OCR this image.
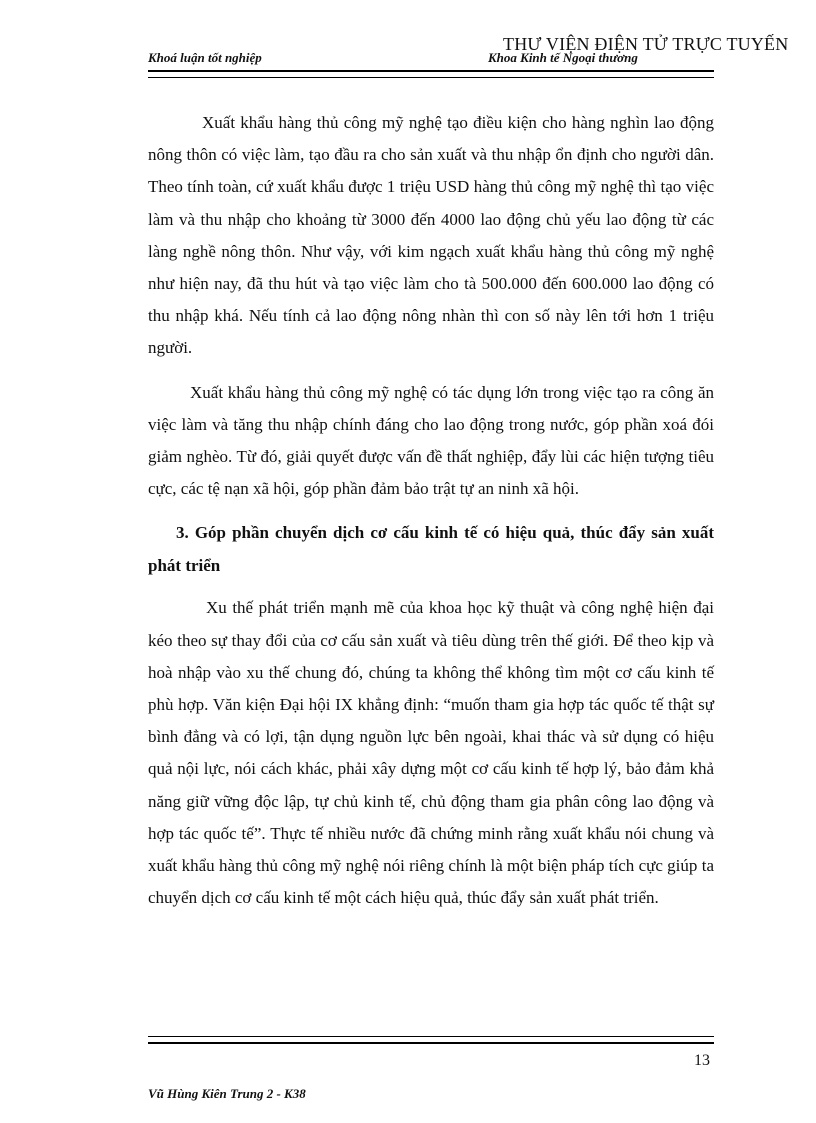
Khoá luận tốt nghiệp	Khoa Kinh tế Ngoại thương
THƯ VIỆN ĐIỆN TỬ TRỰC TUYẾN

Xuất khẩu hàng thủ công mỹ nghệ tạo điều kiện cho hàng nghìn lao động nông thôn có việc làm, tạo đầu ra cho sản xuất và thu nhập ổn định cho người dân. Theo tính toàn, cứ xuất khẩu được 1 triệu USD hàng thủ công mỹ nghệ thì tạo việc làm và thu nhập cho khoảng từ 3000 đến 4000 lao động chủ yếu lao động từ các làng nghề nông thôn. Như vậy, với kim ngạch xuất khẩu hàng thủ công mỹ nghệ như hiện nay, đã thu hút và tạo việc làm cho tà 500.000 đến 600.000 lao động có thu nhập khá. Nếu tính cả lao động nông nhàn thì con số này lên tới hơn 1 triệu người.

Xuất khẩu hàng thủ công mỹ nghệ có tác dụng lớn trong việc tạo ra công ăn việc làm và tăng thu nhập chính đáng cho lao động trong nước, góp phần xoá đói giảm nghèo. Từ đó, giải quyết được vấn đề thất nghiệp, đẩy lùi các hiện tượng tiêu cực, các tệ nạn xã hội, góp phần đảm bảo trật tự an ninh xã hội.

3. Góp phần chuyển dịch cơ cấu kinh tế có hiệu quả, thúc đẩy sản xuất phát triển

Xu thế phát triển mạnh mẽ của khoa học kỹ thuật và công nghệ hiện đại kéo theo sự thay đổi của cơ cấu sản xuất và tiêu dùng trên thế giới. Để theo kịp và hoà nhập vào xu thế chung đó, chúng ta không thể không tìm một cơ cấu kinh tế phù hợp. Văn kiện Đại hội IX khẳng định: “muốn tham gia hợp tác quốc tế thật sự bình đẳng và có lợi, tận dụng nguồn lực bên ngoài, khai thác và sử dụng có hiệu quả nội lực, nói cách khác, phải xây dựng một cơ cấu kinh tế hợp lý, bảo đảm khả năng giữ vững độc lập, tự chủ kinh tế, chủ động tham gia phân công lao động và hợp tác quốc tế”. Thực tế nhiều nước đã chứng minh rằng xuất khẩu nói chung và xuất khẩu hàng thủ công mỹ nghệ nói riêng chính là một biện pháp tích cực giúp ta chuyển dịch cơ cấu kinh tế một cách hiệu quả, thúc đẩy sản xuất phát triển.

13
Vũ Hùng Kiên Trung 2 - K38
